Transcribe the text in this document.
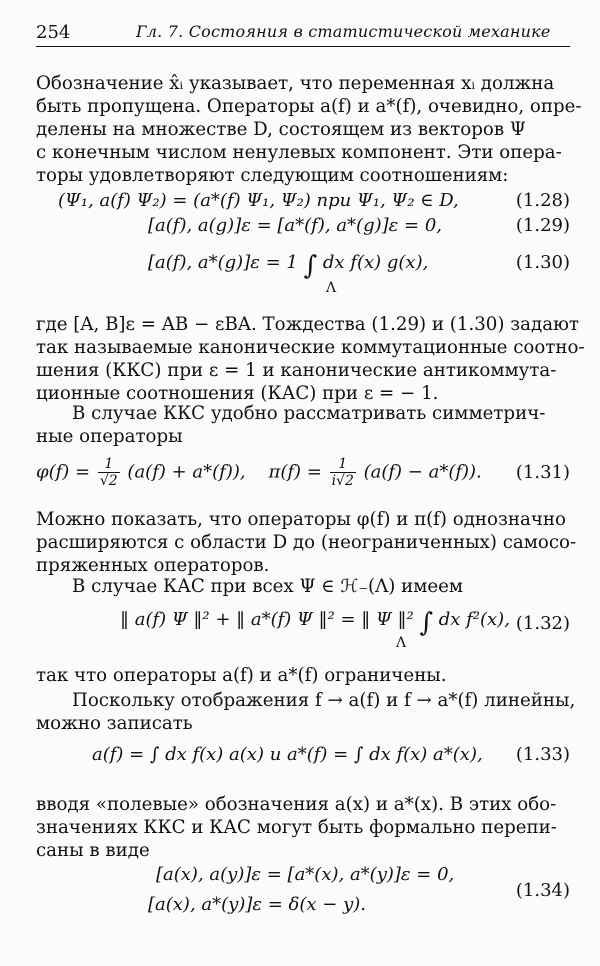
254	Гл. 7. Состояния в статистической механике
Обозначение x̂ᵢ указывает, что переменная xᵢ должна
быть пропущена. Операторы a(f) и a*(f), очевидно, опре-
делены на множестве D, состоящем из векторов Ψ
с конечным числом ненулевых компонент. Эти опера-
торы удовлетворяют следующим соотношениям:
(Ψ₁, a(f) Ψ₂) = (a*(f) Ψ₁, Ψ₂) при Ψ₁, Ψ₂ ∈ D,	(1.28)
[a(f), a(g)]ε = [a*(f), a*(g)]ε = 0,	(1.29)
[a(f), a*(g)]ε = 1 ∫ dx f(x) g(x),
Λ
(1.30)
где [A, B]ε = AB − εBA. Тождества (1.29) и (1.30) задают
так называемые канонические коммутационные соотно-
шения (ККС) при ε = 1 и канонические антикоммута-
ционные соотношения (КАС) при ε = − 1.
В случае ККС удобно рассматривать симметрич-
ные операторы
$\varphi(f) = \frac{1}{√2} (a(f) + a*(f))$, $\pi(f) = \frac{1}{i√2} (a(f) - a*(f))$. (1.31)
Можно показать, что операторы φ(f) и π(f) однозначно
расширяются с области D до (неограниченных) самосо-
пряженных операторов.
В случае КАС при всех Ψ ∈ ℋ₋(Λ) имеем
‖ a(f) Ψ ‖² + ‖ a*(f) Ψ ‖² = ‖ Ψ ‖² ∫ dx f²(x),
Λ
(1.32)
так что операторы a(f) и a*(f) ограничены.
Поскольку отображения f → a(f) и f → a*(f) линейны,
можно записать
a(f) = ∫ dx f(x) a(x) и a*(f) = ∫ dx f(x) a*(x), (1.33)
вводя «полевые» обозначения a(x) и a*(x). В этих обо-
значениях ККС и КАС могут быть формально перепи-
саны в виде
[a(x), a(y)]ε = [a*(x), a*(y)]ε = 0,
[a(x), a*(y)]ε = δ(x − y).
(1.34)
